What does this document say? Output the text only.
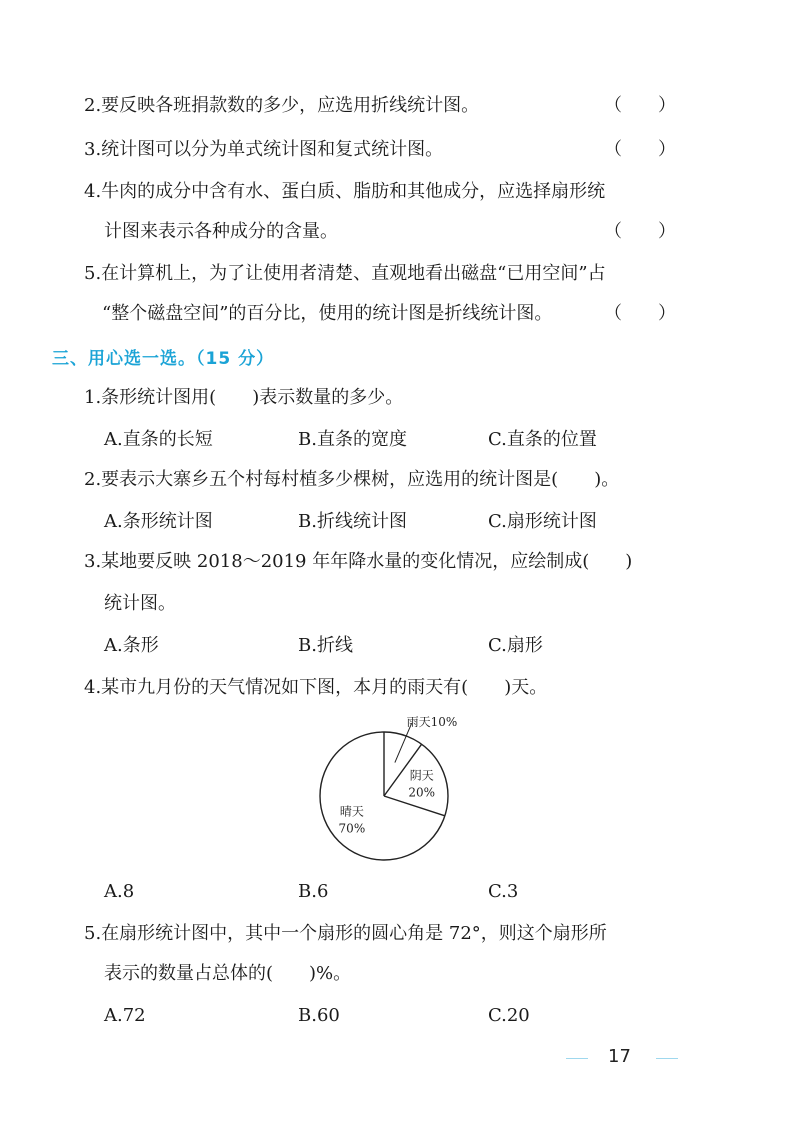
2.要反映各班捐款数的多少，应选用折线统计图。	（　　）
3.统计图可以分为单式统计图和复式统计图。	（　　）
4.牛肉的成分中含有水、蛋白质、脂肪和其他成分，应选择扇形统
计图来表示各种成分的含量。	（　　）
5.在计算机上，为了让使用者清楚、直观地看出磁盘“已用空间”占
“整个磁盘空间”的百分比，使用的统计图是折线统计图。	（　　）
三、用心选一选。（15 分）
1.条形统计图用(　　)表示数量的多少。
A.直条的长短	B.直条的宽度	C.直条的位置
2.要表示大寨乡五个村每村植多少棵树，应选用的统计图是(　　)。
A.条形统计图	B.折线统计图	C.扇形统计图
3.某地要反映 2018～2019 年年降水量的变化情况，应绘制成(　　)
统计图。
A.条形	B.折线	C.扇形
4.某市九月份的天气情况如下图，本月的雨天有(　　)天。
雨天10%
阴天
20%
晴天
70%
A.8	B.6	C.3
5.在扇形统计图中，其中一个扇形的圆心角是 72°，则这个扇形所
表示的数量占总体的(　　)%。
A.72	B.60	C.20
17
